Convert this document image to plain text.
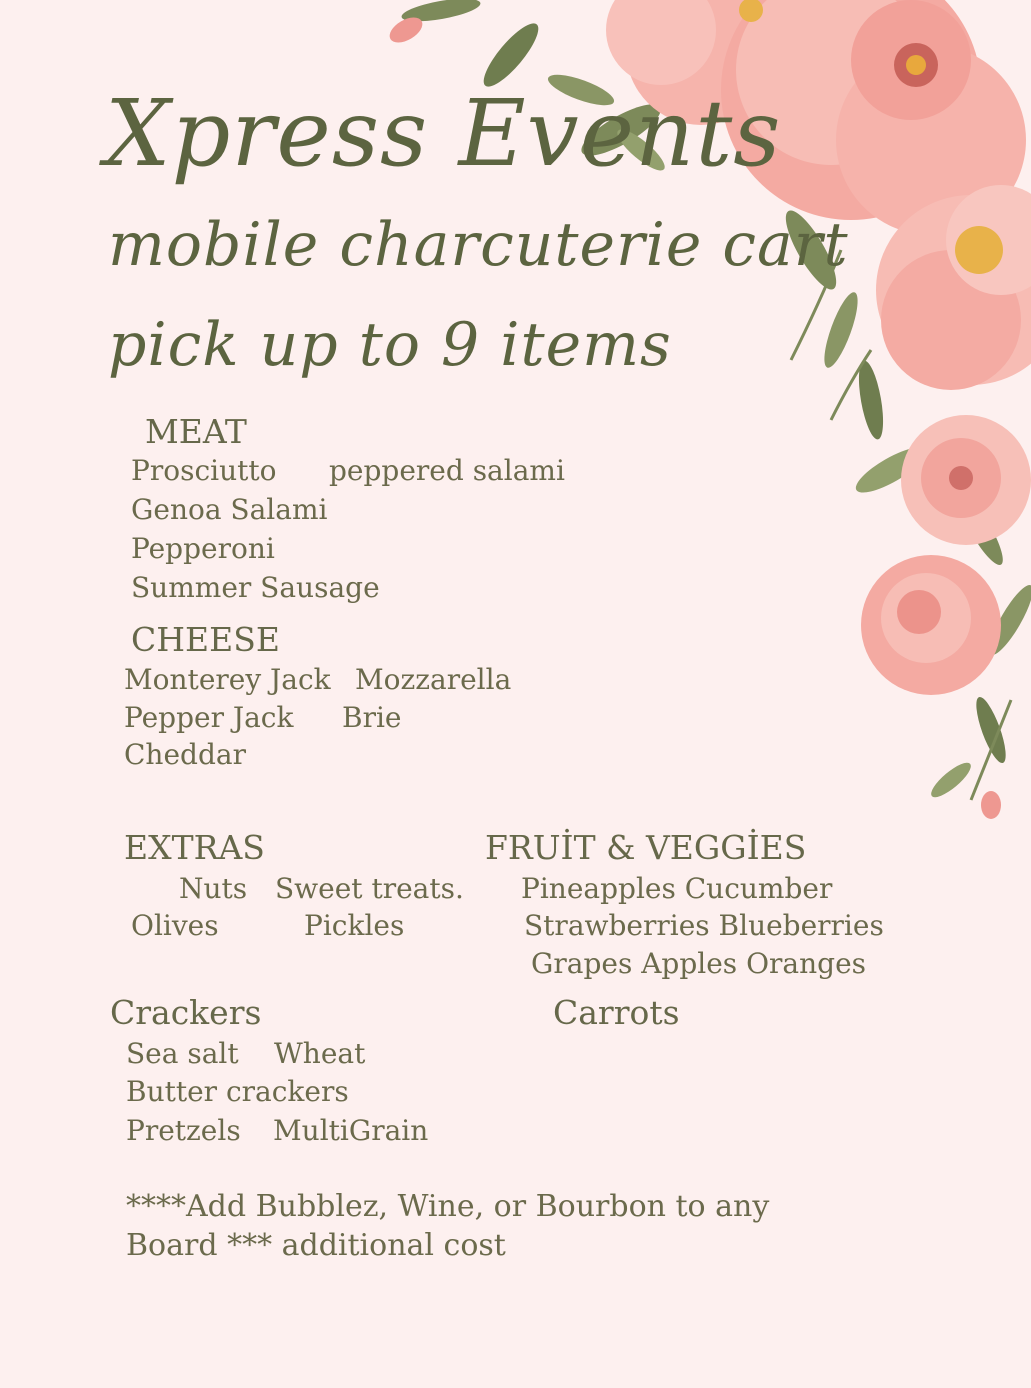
Xpress Events
mobile charcuterie cart
pick up to 9 items
MEAT
Prosciutto peppered salami
Genoa Salami
Pepperoni
Summer Sausage
CHEESE
Monterey Jack Mozzarella
Pepper Jack Brie
Cheddar
EXTRAS
Nuts Sweet treats.
Olives	Pickles
FRUİT & VEGGİES
Pineapples Cucumber
Strawberries Blueberries
Grapes Apples Oranges
Carrots
Crackers
Sea salt Wheat
Butter crackers
Pretzels MultiGrain
****Add Bubblez, Wine, or Bourbon to any
Board *** additional cost
